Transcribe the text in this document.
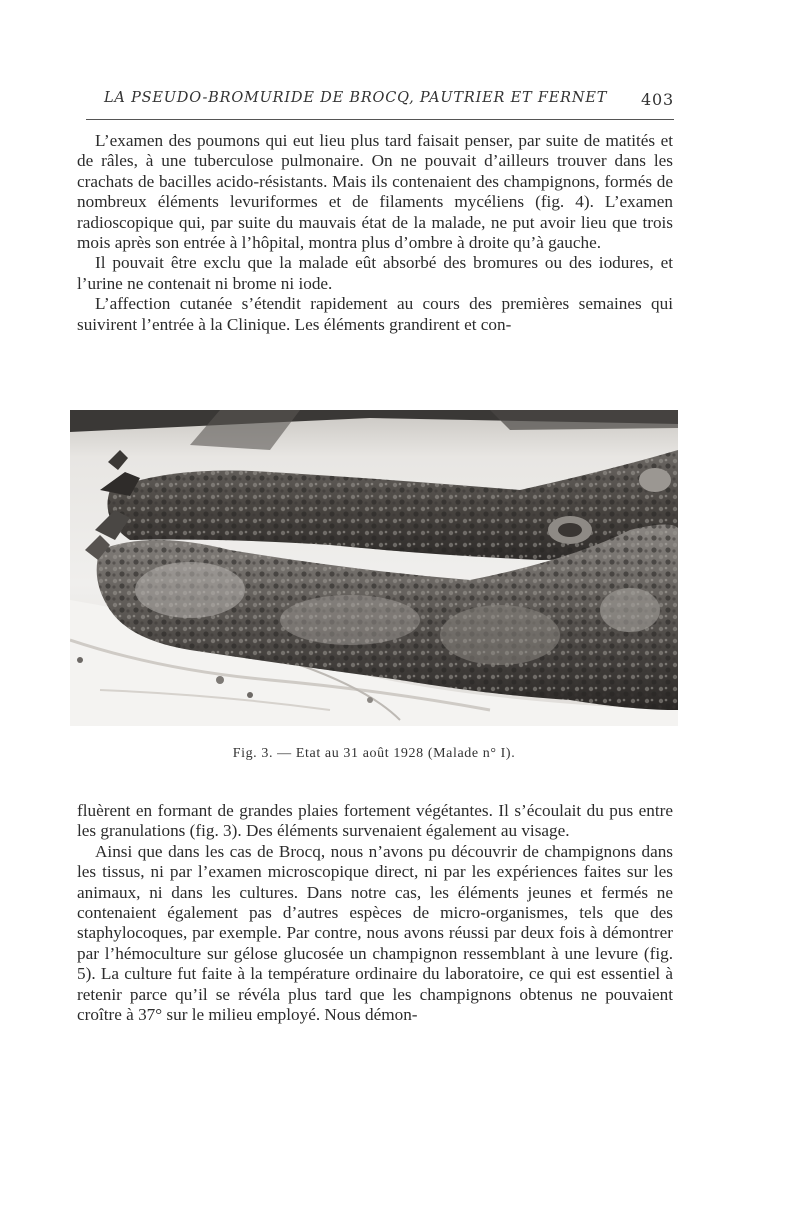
LA PSEUDO-BROMURIDE DE BROCQ, PAUTRIER ET FERNET 403

L’examen des poumons qui eut lieu plus tard faisait penser, par suite de matités et de râles, à une tuberculose pulmonaire. On ne pouvait d’ailleurs trouver dans les crachats de bacilles acido-résistants. Mais ils contenaient des champignons, formés de nombreux éléments levuriformes et de filaments mycéliens (fig. 4). L’examen radioscopique qui, par suite du mauvais état de la malade, ne put avoir lieu que trois mois après son entrée à l’hôpital, montra plus d’ombre à droite qu’à gauche.

Il pouvait être exclu que la malade eût absorbé des bromures ou des iodures, et l’urine ne contenait ni brome ni iode.

L’affection cutanée s’étendit rapidement au cours des premières semaines qui suivirent l’entrée à la Clinique. Les éléments grandirent et con-

Fig. 3. — Etat au 31 août 1928 (Malade n° I).

fluèrent en formant de grandes plaies fortement végétantes. Il s’écoulait du pus entre les granulations (fig. 3). Des éléments survenaient également au visage.

Ainsi que dans les cas de Brocq, nous n’avons pu découvrir de champignons dans les tissus, ni par l’examen microscopique direct, ni par les expériences faites sur les animaux, ni dans les cultures. Dans notre cas, les éléments jeunes et fermés ne contenaient également pas d’autres espèces de micro-organismes, tels que des staphylocoques, par exemple. Par contre, nous avons réussi par deux fois à démontrer par l’hémoculture sur gélose glucosée un champignon ressemblant à une levure (fig. 5). La culture fut faite à la température ordinaire du laboratoire, ce qui est essentiel à retenir parce qu’il se révéla plus tard que les champignons obtenus ne pouvaient croître à 37° sur le milieu employé. Nous démon-
